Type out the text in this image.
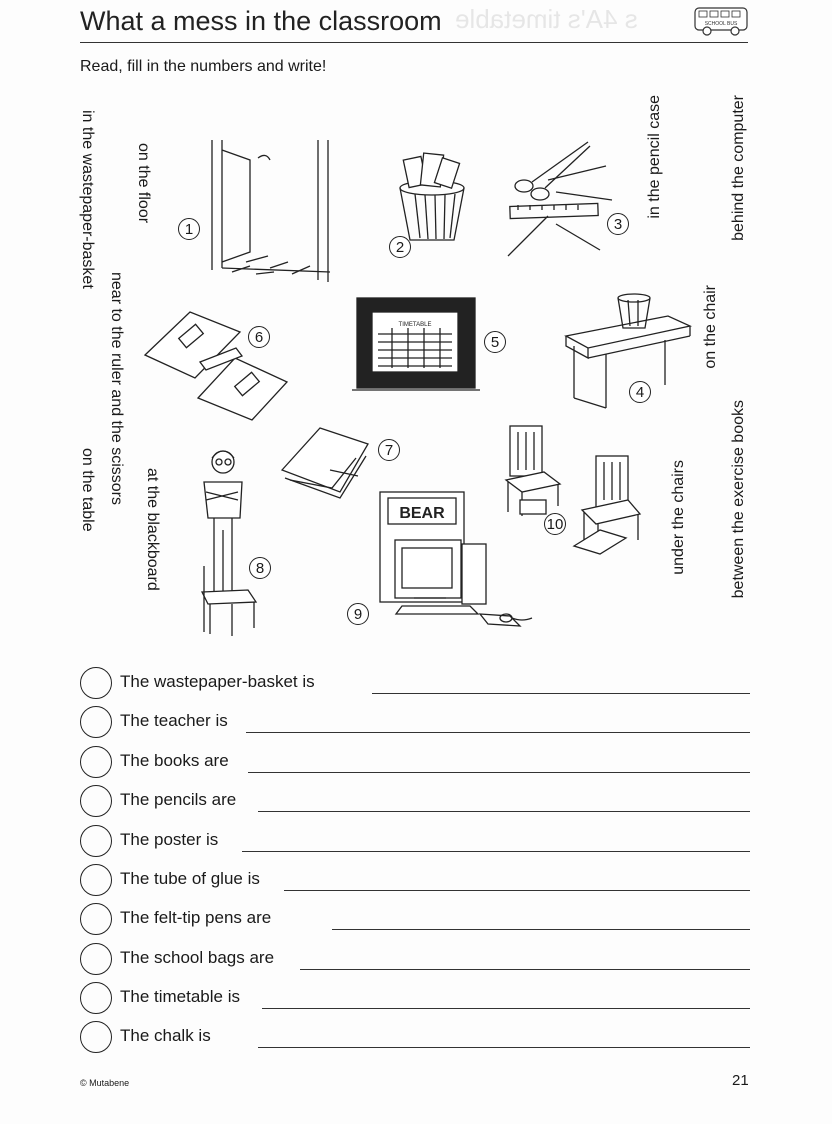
s 4A's timetable
What a mess in the classroom	SCHOOL BUS
Read, fill in the numbers and write!
in the wastepaper-basket on the floor
near to the ruler and the scissors
on the table	at the blackboard
in the pencil case
on the chair
under the chairs
behind the computer
between the exercise books
TIMETABLE
BEAR
1
2
3
4
5
6
7
8
9
10
The wastepaper-basket is
The teacher is
The books are
The pencils are
The poster is
The tube of glue is
The felt-tip pens are
The school bags are
The timetable is
The chalk is
© Mutabene	21
